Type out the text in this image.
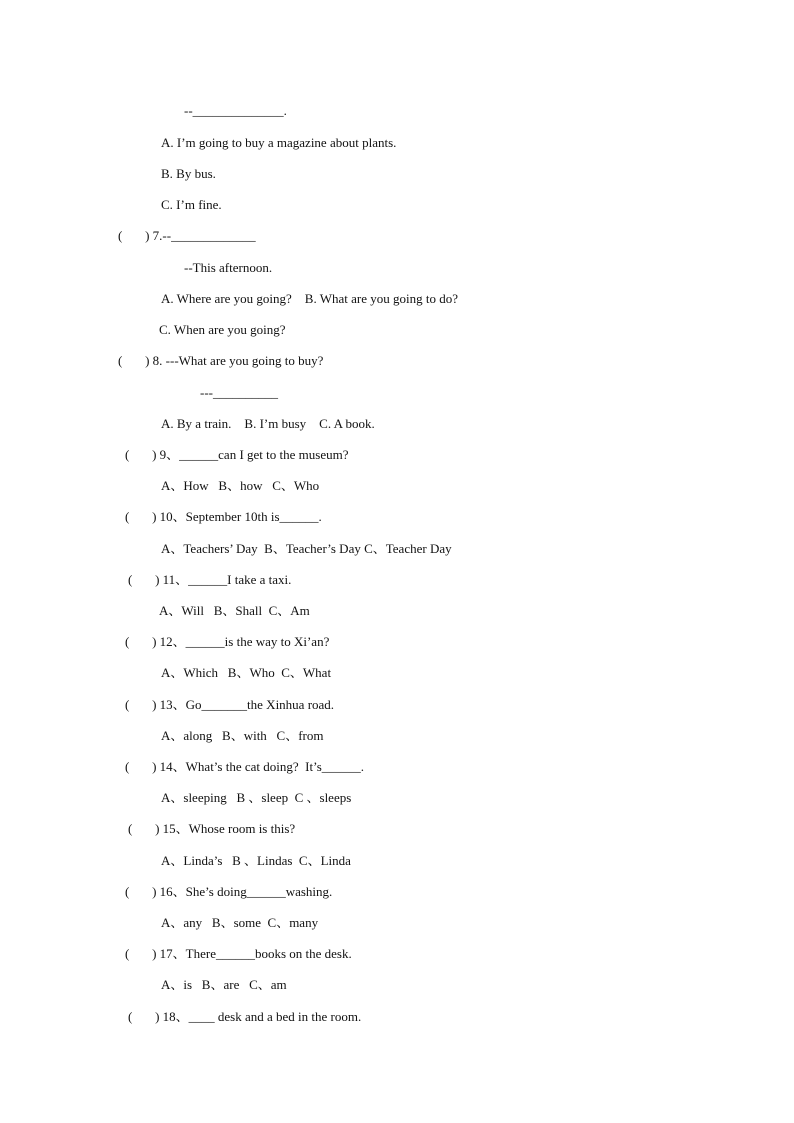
--______________.
A. I’m going to buy a magazine about plants.
B. By bus.
C. I’m fine.
(       ) 7.--_____________
--This afternoon.
A. Where are you going?    B. What are you going to do?
C. When are you going?
(       ) 8. ---What are you going to buy?
---__________
A. By a train.    B. I’m busy    C. A book.
(       ) 9、______can I get to the museum?
A、How   B、how   C、Who
(       ) 10、September 10th is______.
A、Teachers’ Day  B、Teacher’s Day C、Teacher Day
(       ) 11、______I take a taxi.
A、Will   B、Shall  C、Am
(       ) 12、______is the way to Xi’an?
A、Which   B、Who  C、What
(       ) 13、Go_______the Xinhua road.
A、along   B、with   C、from
(       ) 14、What’s the cat doing?  It’s______.
A、sleeping   B 、sleep  C 、sleeps
(       ) 15、Whose room is this?
A、Linda’s   B 、Lindas  C、Linda
(       ) 16、She’s doing______washing.
A、any   B、some  C、many
(       ) 17、There______books on the desk.
A、is   B、are   C、am
(       ) 18、____ desk and a bed in the room.
